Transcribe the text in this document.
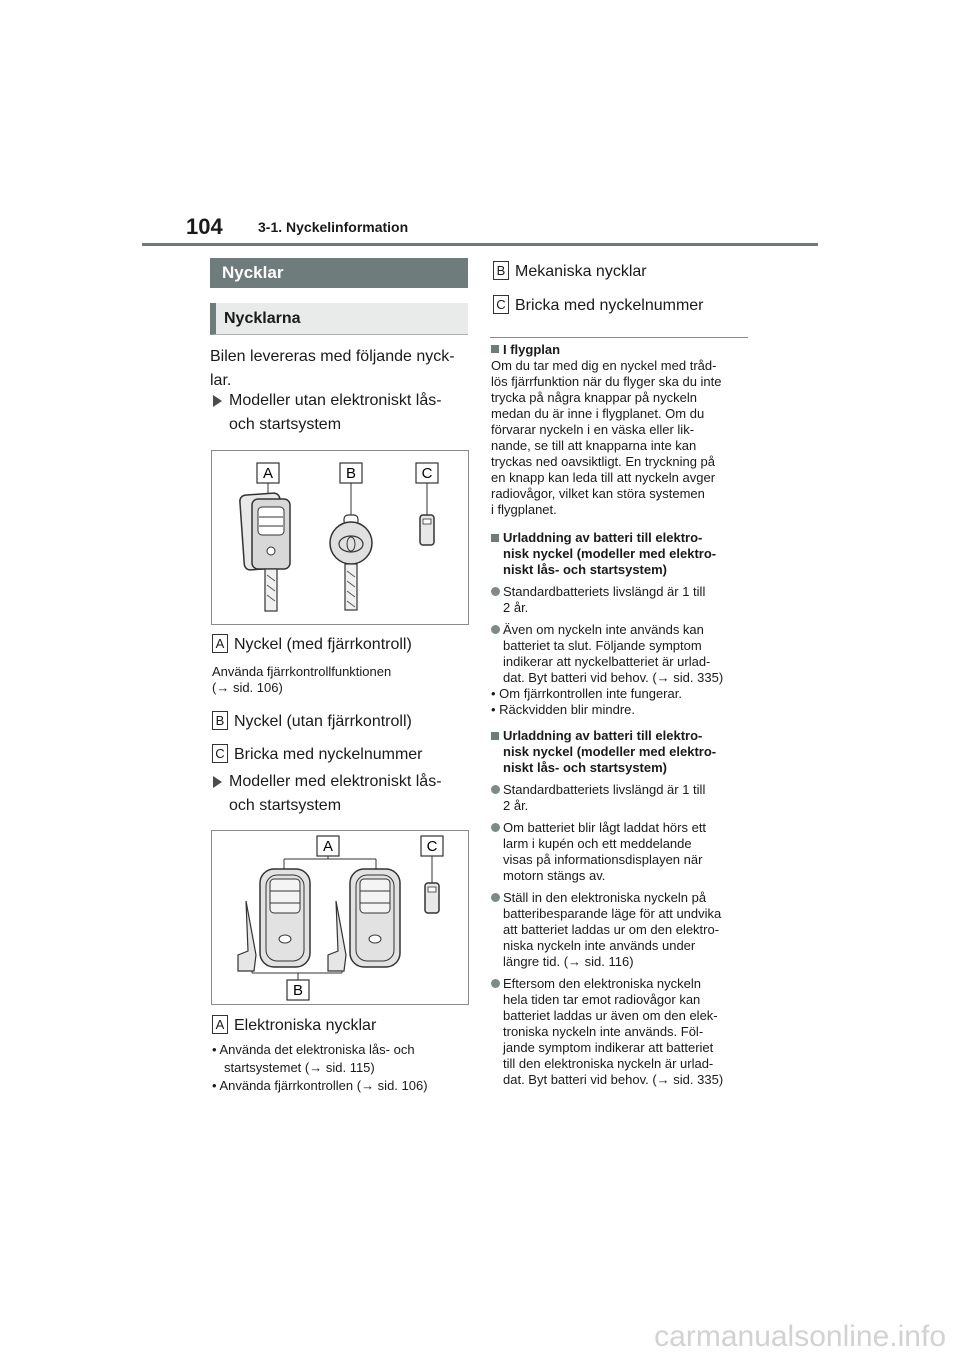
104	3-1. Nyckelinformation
Nycklar
Nycklarna
Bilen levereras med följande nyck-
lar.
Modeller utan elektroniskt lås-
och startsystem
A	B	C
A Nyckel (med fjärrkontroll)
Använda fjärrkontrollfunktionen
(→ sid. 106)
B Nyckel (utan fjärrkontroll)
C Bricka med nyckelnummer
Modeller med elektroniskt lås-
och startsystem
A	C
B
A Elektroniska nycklar
• Använda det elektroniska lås- och
startsystemet (→ sid. 115)
• Använda fjärrkontrollen (→ sid. 106)
B Mekaniska nycklar
C Bricka med nyckelnummer
I flygplan
Om du tar med dig en nyckel med tråd-
lös fjärrfunktion när du flyger ska du inte
trycka på några knappar på nyckeln
medan du är inne i flygplanet. Om du
förvarar nyckeln i en väska eller lik-
nande, se till att knapparna inte kan
tryckas ned oavsiktligt. En tryckning på
en knapp kan leda till att nyckeln avger
radiovågor, vilket kan störa systemen
i flygplanet.
Urladdning av batteri till elektro-
nisk nyckel (modeller med elektro-
niskt lås- och startsystem)
Standardbatteriets livslängd är 1 till
2 år.
Även om nyckeln inte används kan
batteriet ta slut. Följande symptom
indikerar att nyckelbatteriet är urlad-
dat. Byt batteri vid behov. (→ sid. 335)
• Om fjärrkontrollen inte fungerar.
• Räckvidden blir mindre.
Urladdning av batteri till elektro-
nisk nyckel (modeller med elektro-
niskt lås- och startsystem)
Standardbatteriets livslängd är 1 till
2 år.
Om batteriet blir lågt laddat hörs ett
larm i kupén och ett meddelande
visas på informationsdisplayen när
motorn stängs av.
Ställ in den elektroniska nyckeln på
batteribesparande läge för att undvika
att batteriet laddas ur om den elektro-
niska nyckeln inte används under
längre tid. (→ sid. 116)
Eftersom den elektroniska nyckeln
hela tiden tar emot radiovågor kan
batteriet laddas ur även om den elek-
troniska nyckeln inte används. Föl-
jande symptom indikerar att batteriet
till den elektroniska nyckeln är urlad-
dat. Byt batteri vid behov. (→ sid. 335)
carmanualsonline.info
